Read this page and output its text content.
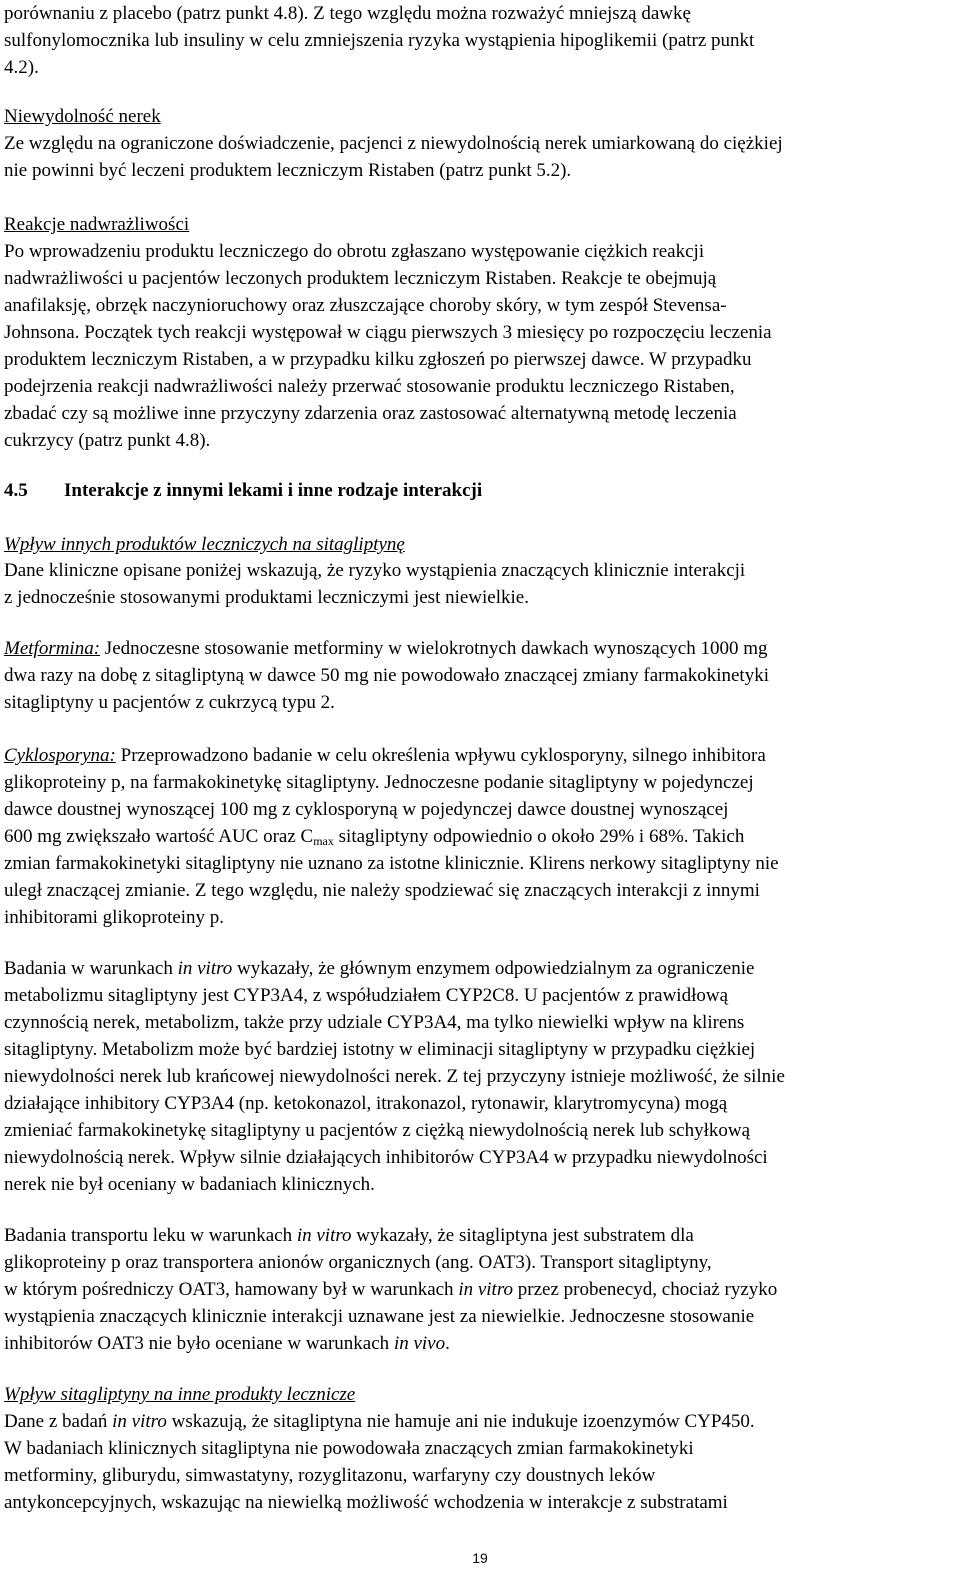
porównaniu z placebo (patrz punkt 4.8). Z tego względu można rozważyć mniejszą dawkę

sulfonylomocznika lub insuliny w celu zmniejszenia ryzyka wystąpienia hipoglikemii (patrz punkt

4.2).

Niewydolność nerek

Ze względu na ograniczone doświadczenie, pacjenci z niewydolnością nerek umiarkowaną do ciężkiej

nie powinni być leczeni produktem leczniczym Ristaben (patrz punkt 5.2).

Reakcje nadwrażliwości

Po wprowadzeniu produktu leczniczego do obrotu zgłaszano występowanie ciężkich reakcji

nadwrażliwości u pacjentów leczonych produktem leczniczym Ristaben. Reakcje te obejmują

anafilaksję, obrzęk naczynioruchowy oraz złuszczające choroby skóry, w tym zespół Stevensa-

Johnsona. Początek tych reakcji występował w ciągu pierwszych 3 miesięcy po rozpoczęciu leczenia

produktem leczniczym Ristaben, a w przypadku kilku zgłoszeń po pierwszej dawce. W przypadku

podejrzenia reakcji nadwrażliwości należy przerwać stosowanie produktu leczniczego Ristaben,

zbadać czy są możliwe inne przyczyny zdarzenia oraz zastosować alternatywną metodę leczenia

cukrzycy (patrz punkt 4.8).

4.5 Interakcje z innymi lekami i inne rodzaje interakcji

Wpływ innych produktów leczniczych na sitagliptynę

Dane kliniczne opisane poniżej wskazują, że ryzyko wystąpienia znaczących klinicznie interakcji

z jednocześnie stosowanymi produktami leczniczymi jest niewielkie.

Metformina: Jednoczesne stosowanie metforminy w wielokrotnych dawkach wynoszących 1000 mg

dwa razy na dobę z sitagliptyną w dawce 50 mg nie powodowało znaczącej zmiany farmakokinetyki

sitagliptyny u pacjentów z cukrzycą typu 2.

Cyklosporyna: Przeprowadzono badanie w celu określenia wpływu cyklosporyny, silnego inhibitora

glikoproteiny p, na farmakokinetykę sitagliptyny. Jednoczesne podanie sitagliptyny w pojedynczej

dawce doustnej wynoszącej 100 mg z cyklosporyną w pojedynczej dawce doustnej wynoszącej

600 mg zwiększało wartość AUC oraz $C_{max}$ sitagliptyny odpowiednio o około 29% i 68%. Takich

zmian farmakokinetyki sitagliptyny nie uznano za istotne klinicznie. Klirens nerkowy sitagliptyny nie

uległ znaczącej zmianie. Z tego względu, nie należy spodziewać się znaczących interakcji z innymi

inhibitorami glikoproteiny p.

Badania w warunkach in vitro wykazały, że głównym enzymem odpowiedzialnym za ograniczenie

metabolizmu sitagliptyny jest CYP3A4, z współudziałem CYP2C8. U pacjentów z prawidłową

czynnością nerek, metabolizm, także przy udziale CYP3A4, ma tylko niewielki wpływ na klirens

sitagliptyny. Metabolizm może być bardziej istotny w eliminacji sitagliptyny w przypadku ciężkiej

niewydolności nerek lub krańcowej niewydolności nerek. Z tej przyczyny istnieje możliwość, że silnie

działające inhibitory CYP3A4 (np. ketokonazol, itrakonazol, rytonawir, klarytromycyna) mogą

zmieniać farmakokinetykę sitagliptyny u pacjentów z ciężką niewydolnością nerek lub schyłkową

niewydolnością nerek. Wpływ silnie działających inhibitorów CYP3A4 w przypadku niewydolności

nerek nie był oceniany w badaniach klinicznych.

Badania transportu leku w warunkach in vitro wykazały, że sitagliptyna jest substratem dla

glikoproteiny p oraz transportera anionów organicznych (ang. OAT3). Transport sitagliptyny,

w którym pośredniczy OAT3, hamowany był w warunkach in vitro przez probenecyd, chociaż ryzyko

wystąpienia znaczących klinicznie interakcji uznawane jest za niewielkie. Jednoczesne stosowanie

inhibitorów OAT3 nie było oceniane w warunkach in vivo.

Wpływ sitagliptyny na inne produkty lecznicze

Dane z badań in vitro wskazują, że sitagliptyna nie hamuje ani nie indukuje izoenzymów CYP450.

W badaniach klinicznych sitagliptyna nie powodowała znaczących zmian farmakokinetyki

metforminy, gliburydu, simwastatyny, rozyglitazonu, warfaryny czy doustnych leków

antykoncepcyjnych, wskazując na niewielką możliwość wchodzenia w interakcje z substratami

19
